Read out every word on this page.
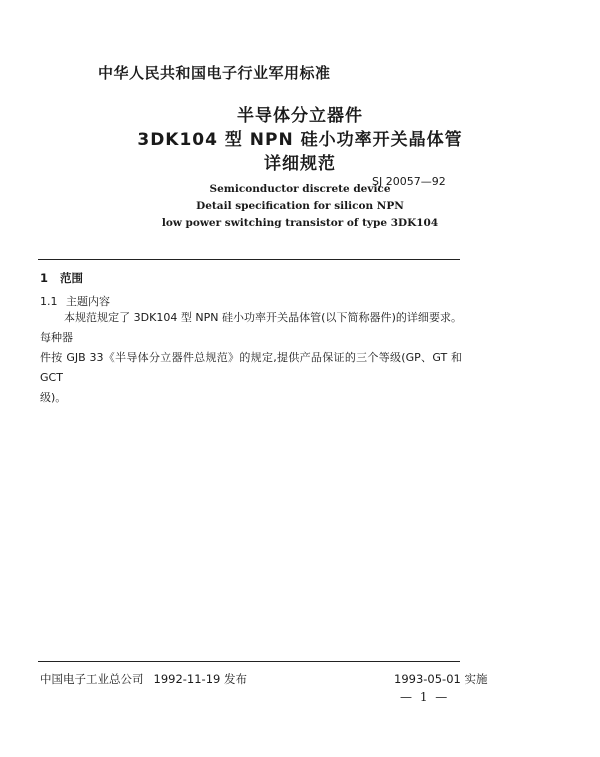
中华人民共和国电子行业军用标准
半导体分立器件
3DK104 型 NPN 硅小功率开关晶体管
详细规范
SJ 20057—92
Semiconductor discrete device
Detail specification for silicon NPN
low power switching transistor of type 3DK104
1 范围
1.1 主题内容
本规范规定了 3DK104 型 NPN 硅小功率开关晶体管(以下简称器件)的详细要求。每种器
件按 GJB 33《半导体分立器件总规范》的规定,提供产品保证的三个等级(GP、GT 和 GCT
级)。
中国电子工业总公司 1992-11-19 发布	1993-05-01 实施
— 1 —
